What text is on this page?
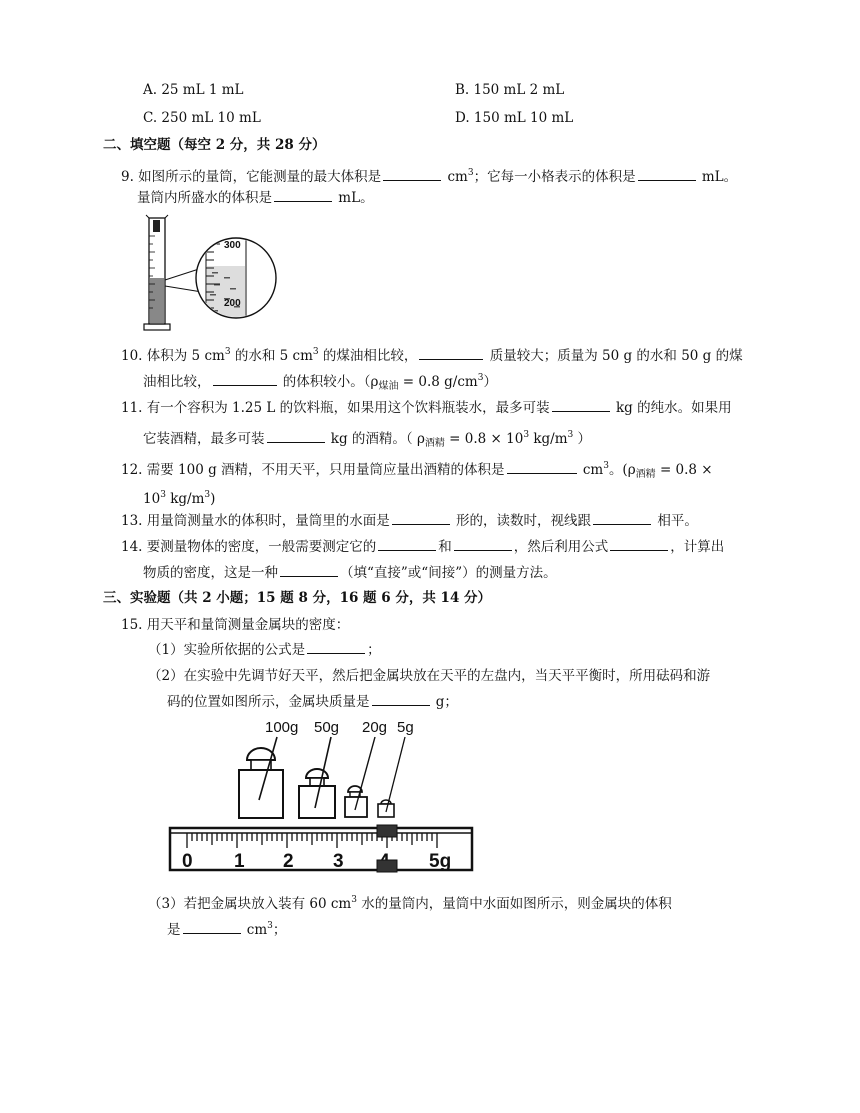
A. 25 mL 1 mL	B. 150 mL 2 mL
C. 250 mL 10 mL	D. 150 mL 10 mL
二、填空题（每空 2 分，共 28 分）
9. 如图所示的量筒，它能测量的最大体积是	$cm^3$；它每一小格表示的体积是	mL。
量筒内所盛水的体积是	mL。
300
200
10. 体积为 5 $cm^3$ 的水和 5 $cm^3$ 的煤油相比较，	质量较大；质量为 50 g 的水和 50 g 的煤
油相比较，	的体积较小。（$\rho_{煤油} = 0.8$ $g/cm^3$）
11. 有一个容积为 1.25 L 的饮料瓶，如果用这个饮料瓶装水，最多可装	kg 的纯水。如果用
它装酒精，最多可装	kg 的酒精。（ $\rho_{酒精} = 0.8 \times 10^3$ $kg/m^3$ ）
12. 需要 100 g 酒精，不用天平，只用量筒应量出酒精的体积是	$cm^3$。($\rho_{酒精} = 0.8$ ×
$10^3$ $kg/m^3$)
13. 用量筒测量水的体积时，量筒里的水面是	形的，读数时，视线跟	相平。
14. 要测量物体的密度，一般需要测定它的	和	，然后利用公式	，计算出
物质的密度，这是一种	（填“直接”或“间接”）的测量方法。
三、实验题（共 2 小题；15 题 8 分，16 题 6 分，共 14 分）
15. 用天平和量筒测量金属块的密度：
（1）实验所依据的公式是	；
（2）在实验中先调节好天平，然后把金属块放在天平的左盘内，当天平平衡时，所用砝码和游
码的位置如图所示，金属块质量是	g；
100g 50g 20g 5g
0 1 2 3	5g
（3）若把金属块放入装有 60 $cm^3$ 水的量筒内，量筒中水面如图所示，则金属块的体积
是	$cm^3$；
